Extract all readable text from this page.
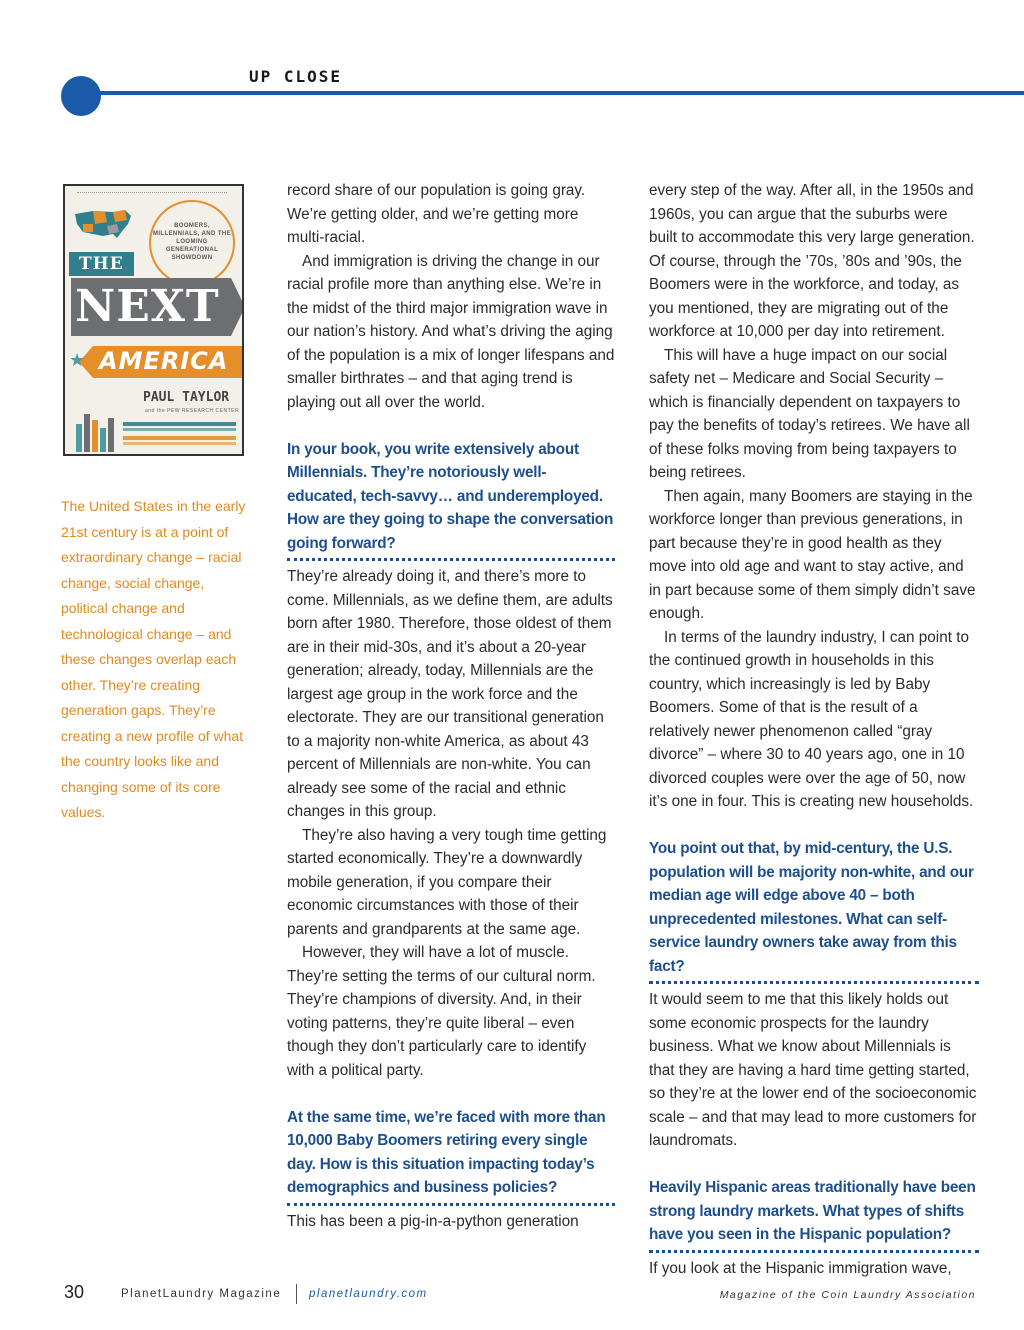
UP CLOSE
BOOMERS, MILLENNIALS, AND THE LOOMING GENERATIONAL SHOWDOWN
THE
NEXT
★ AMERICA
PAUL TAYLOR
and the PEW RESEARCH CENTER
The United States in the early 21st century is at a point of extraordinary change – racial change, social change, political change and technological change – and these changes overlap each other. They’re creating generation gaps. They’re creating a new profile of what the country looks like and changing some of its core values.

record share of our population is going gray. We’re getting older, and we’re getting more multi-racial.

And immigration is driving the change in our racial profile more than anything else. We’re in the midst of the third major immigration wave in our nation’s history. And what’s driving the aging of the population is a mix of longer lifespans and smaller birthrates – and that aging trend is playing out all over the world.

In your book, you write extensively about Millennials. They’re notoriously well-educated, tech-savvy… and underemployed. How are they going to shape the conversation going forward?

They’re already doing it, and there’s more to come. Millennials, as we define them, are adults born after 1980. Therefore, those oldest of them are in their mid-30s, and it’s about a 20-year generation; already, today, Millennials are the largest age group in the work force and the electorate. They are our transitional generation to a majority non-white America, as about 43 percent of Millennials are non-white. You can already see some of the racial and ethnic changes in this group.

They’re also having a very tough time getting started economically. They’re a downwardly mobile generation, if you compare their economic circumstances with those of their parents and grandparents at the same age.

However, they will have a lot of muscle. They’re setting the terms of our cultural norm. They’re champions of diversity. And, in their voting patterns, they’re quite liberal – even though they don’t particularly care to identify with a political party.

At the same time, we’re faced with more than 10,000 Baby Boomers retiring every single day. How is this situation impacting today’s demographics and business policies?

This has been a pig-in-a-python generation

every step of the way. After all, in the 1950s and 1960s, you can argue that the suburbs were built to accommodate this very large generation. Of course, through the ’70s, ’80s and ’90s, the Boomers were in the workforce, and today, as you mentioned, they are migrating out of the workforce at 10,000 per day into retirement.

This will have a huge impact on our social safety net – Medicare and Social Security – which is financially dependent on taxpayers to pay the benefits of today’s retirees. We have all of these folks moving from being taxpayers to being retirees.

Then again, many Boomers are staying in the workforce longer than previous generations, in part because they’re in good health as they move into old age and want to stay active, and in part because some of them simply didn’t save enough.

In terms of the laundry industry, I can point to the continued growth in households in this country, which increasingly is led by Baby Boomers. Some of that is the result of a relatively newer phenomenon called “gray divorce” – where 30 to 40 years ago, one in 10 divorced couples were over the age of 50, now it’s one in four. This is creating new households.

You point out that, by mid-century, the U.S. population will be majority non-white, and our median age will edge above 40 – both unprecedented milestones. What can self-service laundry owners take away from this fact?

It would seem to me that this likely holds out some economic prospects for the laundry business. What we know about Millennials is that they are having a hard time getting started, so they’re at the lower end of the socioeconomic scale – and that may lead to more customers for laundromats.

Heavily Hispanic areas traditionally have been strong laundry markets. What types of shifts have you seen in the Hispanic population?

If you look at the Hispanic immigration wave,

30	PlanetLaundry Magazine planetlaundry.com	Magazine of the Coin Laundry Association
